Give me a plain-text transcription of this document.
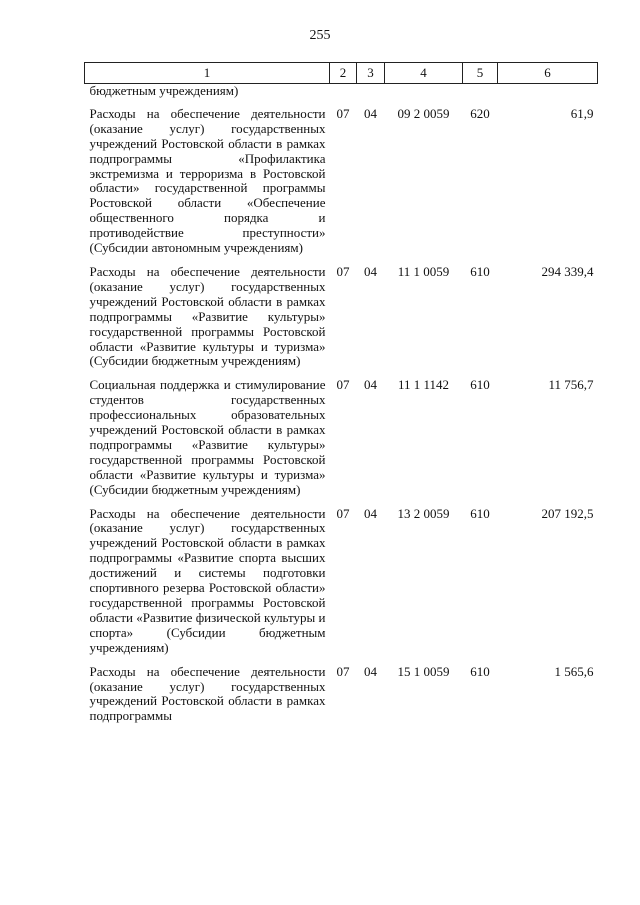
255
1	2	3	4	5	6
бюджетным учреждениям)					
Расходы на обеспечение деятельности (оказание услуг) государственных учреждений Ростовской области в рамках подпрограммы «Профилактика экстремизма и терроризма в Ростовской области» государственной программы Ростовской области «Обеспечение общественного порядка и противодействие преступности» (Субсидии автономным учреждениям)	07	04	09 2 0059	620	61,9
Расходы на обеспечение деятельности (оказание услуг) государственных учреждений Ростовской области в рамках подпрограммы «Развитие культуры» государственной программы Ростовской области «Развитие культуры и туризма» (Субсидии бюджетным учреждениям)	07	04	11 1 0059	610	294 339,4
Социальная поддержка и стимулирование студентов государственных профессиональных образовательных учреждений Ростовской области в рамках подпрограммы «Развитие культуры» государственной программы Ростовской области «Развитие культуры и туризма» (Субсидии бюджетным учреждениям)	07	04	11 1 1142	610	11 756,7
Расходы на обеспечение деятельности (оказание услуг) государственных учреждений Ростовской области в рамках подпрограммы «Развитие спорта высших достижений и системы подготовки спортивного резерва Ростовской области» государственной программы Ростовской области «Развитие физической культуры и спорта» (Субсидии бюджетным учреждениям)	07	04	13 2 0059	610	207 192,5
Расходы на обеспечение деятельности (оказание услуг) государственных учреждений Ростовской области в рамках подпрограммы	07	04	15 1 0059	610	1 565,6
